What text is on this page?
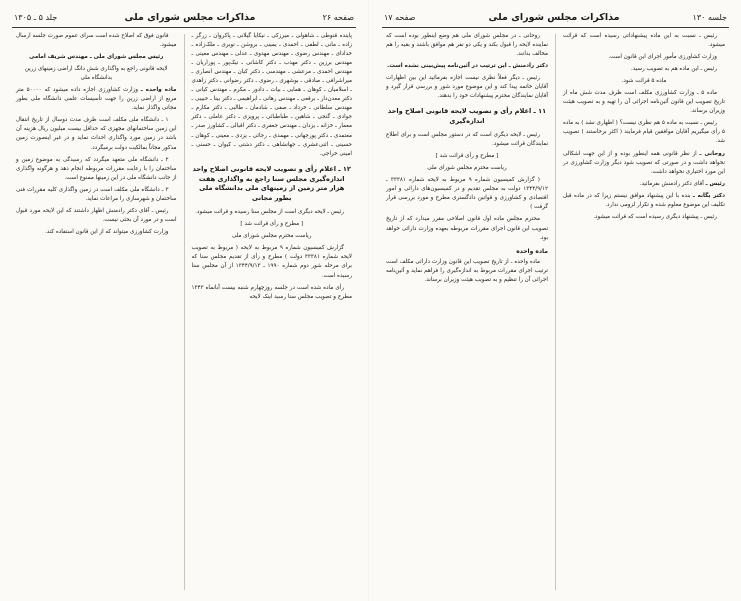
صفحه ۱۷	مذاکرات مجلس شورای ملی	جلسه ۱۳۰

روحانی ـ در مجلس شورای ملی هم وضع اینطور بوده است که نماینده لایحه را قبول بکند و یکی دو نفر هم موافق باشند و بقیه را هم مخالف بدانند.

دکتر رادمنش ـ این ترتیب در آئین‌نامه پیش‌بینی نشده است.

رئیس ـ دیگر فعلاً نظری نیست اجازه بفرمائید این بین اظهارات آقایان خاتمه پیدا کند و این موضوع مورد شور و بررسی قرار گیرد و آقایان نمایندگان محترم پیشنهادات خود را بدهند.

۱۱ ـ اعلام رأی و تصویب لایحه قانونی اصلاح واحد اندازه‌گیری

رئیس ـ لایحه دیگری است که در دستور مجلس است و برای اطلاع نمایندگان قرائت میشود.

[ مطرح و رأی قرائت شد ]

ریاست محترم مجلس شورای ملی

( گزارش کمیسیون شماره ۹ مربوط به لایحه شماره ۳۳۳۸۱ ـ ۱۳۴۴/۹/۱۲ دولت به مجلس تقدیم و در کمیسیون‌های دارائی و امور اقتصادی و کشاورزی و قوانین دادگستری مطرح و مورد بررسی قرار گرفت )

محترم مجلس ماده اول قانون اصلاحی مقرر میدارد که از تاریخ تصویب این قانون اجرای مقررات مربوطه بعهده وزارت دارائی خواهد بود.

ماده واحده

ماده واحده ـ از تاریخ تصویب این قانون وزارت دارائی مکلف است ترتیب اجرای مقررات مربوط به اندازه‌گیری را فراهم نماید و آئین‌نامه اجرائی آن را تنظیم و به تصویب هیئت وزیران برساند.

رئیس ـ نسبت به این ماده پیشنهاداتی رسیده است که قرائت میشود.

وزارت کشاورزی مأمور اجرای این قانون است.

رئیس ـ این ماده هم به تصویب رسید.

ماده ۵ قرائت شود.

ماده ۵ ـ وزارت کشاورزی مکلف است ظرف مدت شش ماه از تاریخ تصویب این قانون آئین‌نامه اجرائی آن را تهیه و به تصویب هیئت وزیران برساند.

رئیس ـ نسبت به ماده ۵ هم نظری نیست؟ ( اظهاری نشد ) به ماده ۵ رأی میگیریم آقایان موافقین قیام فرمایند ( اکثر برخاستند ) تصویب شد.

روحانی ـ از نظر قانونی همه اینطور بوده و از این جهت اشکالی نخواهد داشت و در صورتی که تصویب شود دیگر وزارت کشاورزی در این مورد اختیاری نخواهد داشت.

رئیس ـ آقای دکتر رادمنش بفرمائید.

دکتر یگانه ـ بنده با این پیشنهاد موافق نیستم زیرا که در ماده قبل تکلیف این موضوع معلوم شده و تکرار لزومی ندارد.

رئیس ـ پیشنهاد دیگری رسیده است که قرائت میشود.

جلد ۵ ـ ۱۳۰۵	مذاکرات مجلس شورای ملی	صفحه ۲۶

قانون فوق که اصلاح شده است سرای عموم صورت جلسه ارسال میشود.

رئیس مجلس شورای ملی ـ مهندس شریف امامی

لایحه قانونی راجع به واگذاری شش دانگ اراضی زمینهای زرین بدانشگاه ملی

ماده واحده ـ وزارت کشاورزی اجازه داده میشود که ۵۰۰۰۰ متر مربع از اراضی زرین را جهت تأسیسات علمی دانشگاه ملی بطور مجانی واگذار نماید.

۱ ـ دانشگاه ملی مکلف است ظرف مدت دوسال از تاریخ انتقال این زمین ساختمانهای مجهزی که حداقل بیست میلیون ریال هزینه آن باشد در زمین مورد واگذاری احداث نماید و در غیر اینصورت زمین مذکور مجاناً بمالکیت دولت برمیگردد.

۲ ـ دانشگاه ملی متعهد میگردد که رسیدگی به موضوع زمین و ساختمان را با رعایت مقررات مربوطه انجام دهد و هرگونه واگذاری از جانب دانشگاه ملی در این زمینها ممنوع است.

۳ ـ دانشگاه ملی مکلف است در زمین واگذاری کلیه مقررات فنی ساختمان و شهرسازی را مراعات نماید.

رئیس ـ آقای دکتر رادمنش اظهار داشتند که این لایحه مورد قبول است و در مورد آن بحثی نیست.

وزارت کشاورزی میتواند که از این قانون استفاده کند.

پاینده قنوطی ـ شاهولی ـ میرزکی ـ نیکایا گیلانی ـ پاکروان ـ زرگر ـ زاده ـ مانی ـ لطفی ـ احمدی ـ یمینی ـ بروشن ـ نوبری ـ ملک‌زاده ـ خدادای ـ مهندس رضوی ـ مهندس مهدوی ـ عدلی ـ مهندس معینی ـ مهندس برزین ـ دکتر مهذب ـ دکتر کاشانی ـ نیک‌پور ـ پوراریان ـ مهندس احمدی ـ مرعشی ـ مهندسی ـ دکتر کیان ـ مهندس انصاری ـ میراشرافی ـ صادقی ـ بوشهری ـ رضوی ـ دکتر رضوانی ـ دکتر زاهدی ـ اسلامیان ـ کوهان ـ همایی ـ بیات ـ دادور ـ مکرم ـ مهندس کیانی ـ دکتر معدن‌دار ـ برقعی ـ مهندس رهانی ـ ابراهیمی ـ دکتر بینا ـ حبیبی ـ مهندس سلطانی ـ خرداد ـ صفی ـ شادمان ـ طالبی ـ دکتر مکارم ـ جوادی ـ گنجی ـ شاهین ـ طباطبائی ـ پرویزی ـ دکتر عاملی ـ دکتر معمار ـ خزانه ـ یزدان ـ مهندس جعفری ـ دکتر اقبالی ـ کشاورز صدر ـ معتمدی ـ دکتر پورجهانی ـ مهمدی ـ رجائی ـ یزدی ـ معینی ـ کوهان ـ حسینی ـ اثنی‌عشری ـ جهانشاهی ـ دکتر دشتی ـ کیوان ـ حسنی ـ امینی خراجی.

۱۲ ـ اعلام رأی و تصویب لایحه قانونی اصلاح واحد اندازه‌گیری مجلس سنا راجع به واگذاری هفت هزار متر زمین از زمینهای ملی بدانشگاه ملی بطور مجانی

رئیس ـ لایحه دیگری است از مجلس سنا رسیده و قرائت میشود.

[ مطرح و رأی قرائت شد ]

ریاست محترم مجلس شورای ملی

گزارش کمیسیون شماره ۹ مربوط به لایحه ( مربوط به تصویب لایحه شماره ۳۳۳۸۱ دولت ) مطرح و رأی از تقدیم مجلس سنا که برای مرحله شور دوم شماره ۱۹۹۰ ـ ۱۳۴۴/۹/۱۳ از آن مجلس سنا رسیده است.

رأی ماده شده است در جلسه روزچهارم شنبه بیست آبانماه ۱۳۴۳ مطرح و تصویب مجلس سنا رسید اینک لایحه
